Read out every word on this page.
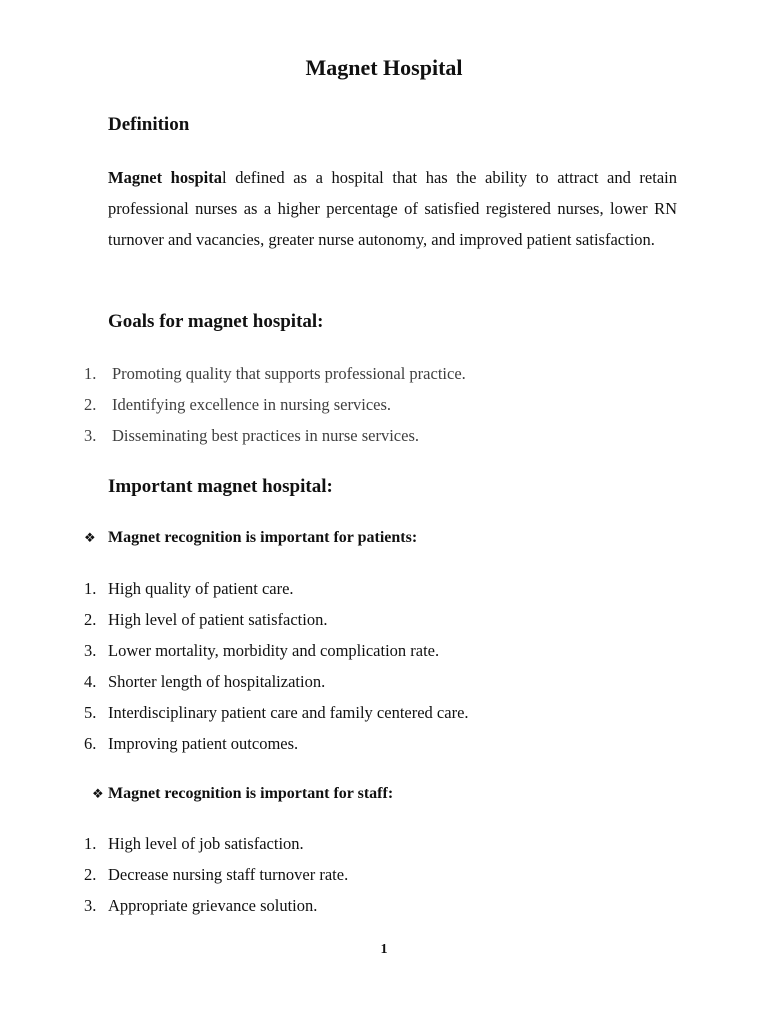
Magnet Hospital
Definition
Magnet hospital defined as a hospital that has the ability to attract and retain professional nurses as a higher percentage of satisfied registered nurses, lower RN turnover and vacancies, greater nurse autonomy, and improved patient satisfaction.
Goals for magnet hospital:
1. Promoting quality that supports professional practice.
2. Identifying excellence in nursing services.
3. Disseminating best practices in nurse services.
Important magnet hospital:
❖ Magnet recognition is important for patients:
1. High quality of patient care.
2. High level of patient satisfaction.
3. Lower mortality, morbidity and complication rate.
4. Shorter length of hospitalization.
5. Interdisciplinary patient care and family centered care.
6. Improving patient outcomes.
❖ Magnet recognition is important for staff:
1. High level of job satisfaction.
2. Decrease nursing staff turnover rate.
3. Appropriate grievance solution.
1
